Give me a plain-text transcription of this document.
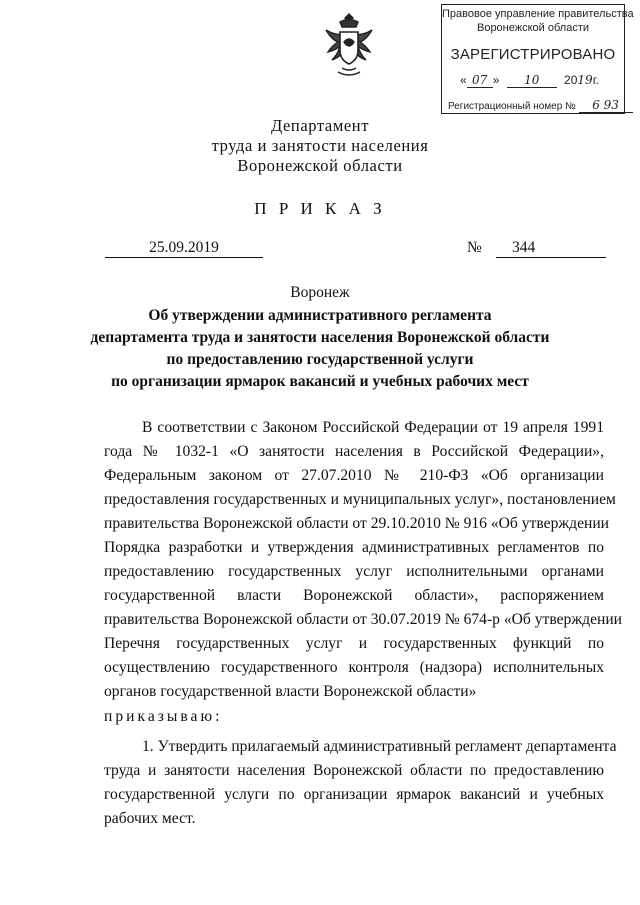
Правовое управление правительства
Воронежской области
ЗАРЕГИСТРИРОВАНО
« 07 » 10 2019г.
Регистрационный номер № 6 93
Департамент
труда и занятости населения
Воронежской области
П Р И К А З
25.09.2019	№	344
Воронеж
Об утверждении административного регламента
департамента труда и занятости населения Воронежской области
по предоставлению государственной услуги
по организации ярмарок вакансий и учебных рабочих мест
В соответствии с Законом Российской Федерации от 19 апреля 1991
года № 1032-1 «О занятости населения в Российской Федерации»,
Федеральным законом от 27.07.2010 № 210-ФЗ «Об организации
предоставления государственных и муниципальных услуг», постановлением
правительства Воронежской области от 29.10.2010 № 916 «Об утверждении
Порядка разработки и утверждения административных регламентов по
предоставлению государственных услуг исполнительными органами
государственной власти Воронежской области», распоряжением
правительства Воронежской области от 30.07.2019 № 674-р «Об утверждении
Перечня государственных услуг и государственных функций по
осуществлению государственного контроля (надзора) исполнительных
органов государственной власти Воронежской области»
приказываю:
1. Утвердить прилагаемый административный регламент департамента
труда и занятости населения Воронежской области по предоставлению
государственной услуги по организации ярмарок вакансий и учебных
рабочих мест.
